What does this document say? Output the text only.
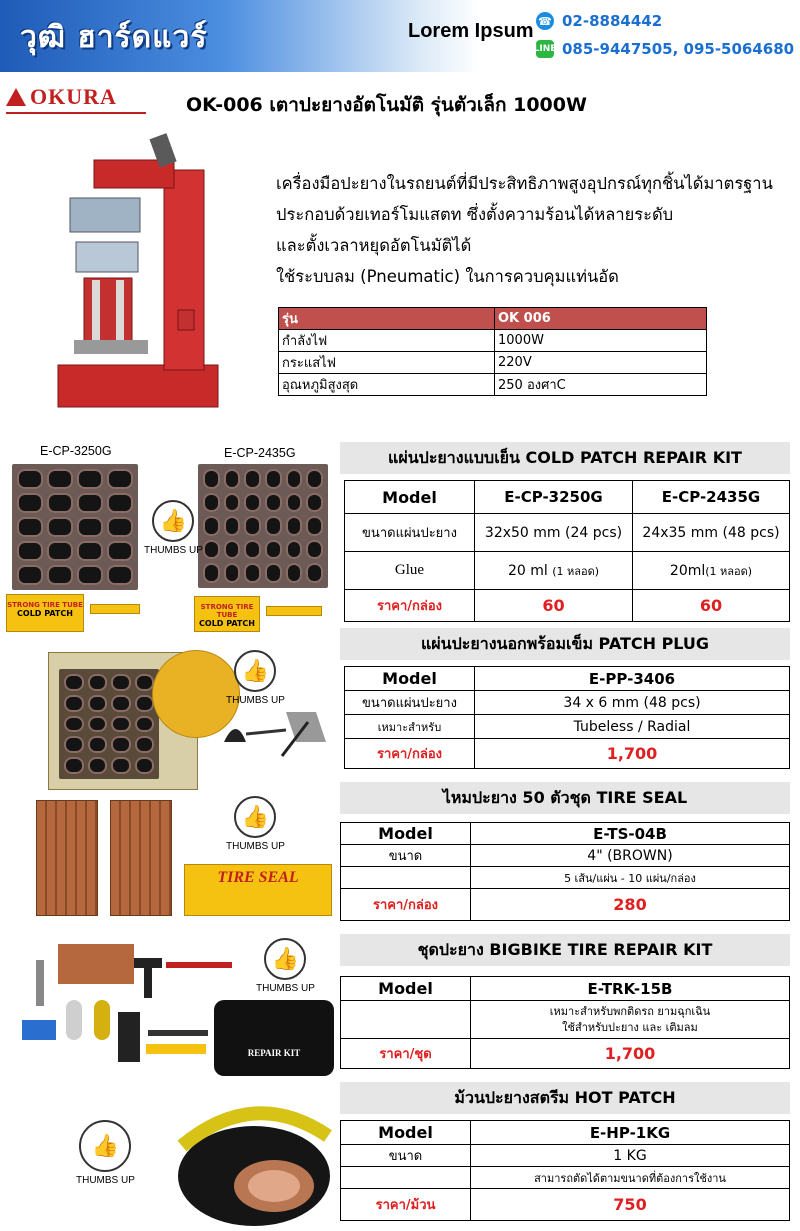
วุฒิ ฮาร์ดแวร์	Lorem Ipsum ☎ 02-8884442
LINE 085-9447505, 095-5064680
OKURA	OK-006 เตาปะยางอัตโนมัติ รุ่นตัวเล็ก 1000W
เครื่องมือปะยางในรถยนต์ที่มีประสิทธิภาพสูงอุปกรณ์ทุกชิ้นได้มาตรฐาน
ประกอบด้วยเทอร์โมแสตท ซึ่งตั้งความร้อนได้หลายระดับ
และตั้งเวลาหยุดอัตโนมัติได้
ใช้ระบบลม (Pneumatic) ในการควบคุมแท่นอัด
รุ่น	OK 006
กำลังไฟ	1000W
กระแสไฟ	220V
อุณหภูมิสูงสุด	250 องศาC
E-CP-3250G	E-CP-2435G
STRONG TIRE TUBE
COLD PATCH
STRONG TIRE TUBE
COLD PATCH
👍
THUMBS UP
แผ่นปะยางแบบเย็น COLD PATCH REPAIR KIT
Model	E-CP-3250G	E-CP-2435G
ขนาดแผ่นปะยาง	32x50 mm (24 pcs)	24x35 mm (48 pcs)
Glue	20 ml (1 หลอด)	20ml(1 หลอด)
ราคา/กล่อง	60	60
👍
THUMBS UP
แผ่นปะยางนอกพร้อมเข็ม PATCH PLUG
Model	E-PP-3406
ขนาดแผ่นปะยาง	34 x 6 mm (48 pcs)
เหมาะสำหรับ	Tubeless / Radial
ราคา/กล่อง	1,700
👍
THUMBS UP
TIRE SEAL
ไหมปะยาง 50 ตัวชุด TIRE SEAL
Model	E-TS-04B
ขนาด	4" (BROWN)
	5 เส้น/แผ่น - 10 แผ่น/กล่อง
ราคา/กล่อง	280
👍
THUMBS UP
REPAIR KIT
ชุดปะยาง BIGBIKE TIRE REPAIR KIT
Model	E-TRK-15B

	เหมาะสำหรับพกติดรถ ยามฉุกเฉิน
ใช้สำหรับปะยาง และ เติมลม

ราคา/ชุด	1,700
👍
THUMBS UP
ม้วนปะยางสตรีม HOT PATCH
Model	E-HP-1KG
ขนาด	1 KG
	สามารถตัดได้ตามขนาดที่ต้องการใช้งาน
ราคา/ม้วน	750
